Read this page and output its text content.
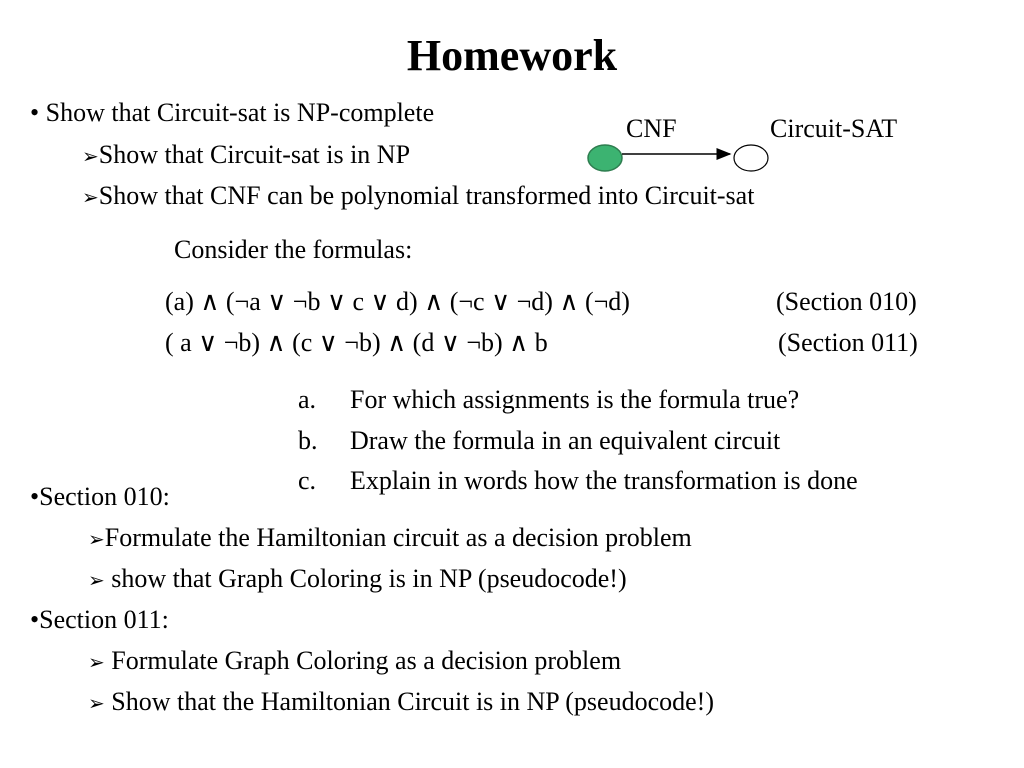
Homework
• Show that Circuit-sat is NP-complete
➢Show that Circuit-sat is in NP
➢Show that CNF can be polynomial transformed into Circuit-sat
CNF	Circuit-SAT
Consider the formulas:
(a) ∧ (¬a ∨ ¬b ∨ c ∨ d) ∧ (¬c ∨ ¬d) ∧ (¬d)	(Section 010)
( a ∨ ¬b) ∧ (c ∨ ¬b) ∧ (d ∨ ¬b) ∧ b	(Section 011)
a. For which assignments is the formula true?
b. Draw the formula in an equivalent circuit
c. Explain in words how the transformation is done
•Section 010:
➢Formulate the Hamiltonian circuit as a decision problem
➢ show that Graph Coloring is in NP (pseudocode!)
•Section 011:
➢ Formulate Graph Coloring as a decision problem
➢ Show that the Hamiltonian Circuit is in NP (pseudocode!)
